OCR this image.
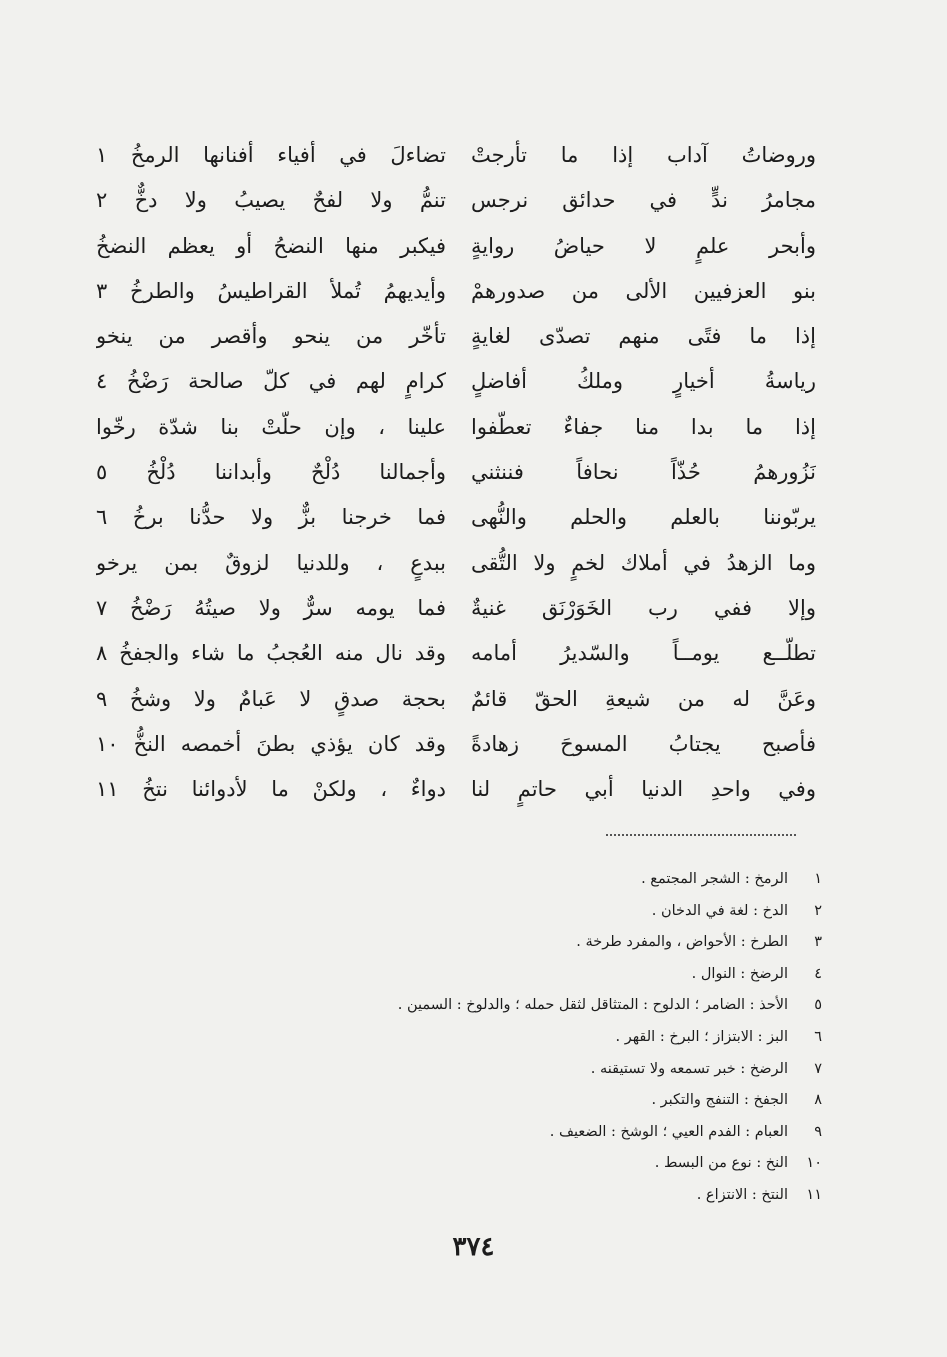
تضاءلَ في أفياء أفنانها الرمخُ ١
تنمُّ ولا لفحٌ يصيبُ ولا دخٌّ ٢
فيكبر منها النضحُ أو يعظم النضخُ
وأيديهمُ تُملأ القراطيسُ والطرخُ ٣
تأخّر من ينحو وأقصر من ينخو
كرامٍ لهم في كلّ صالحة رَضْخُ ٤
علينا ، وإن حلّتْ بنا شدّة رخّوا
وأجمالنا دُلْحٌ وأبداننا دُلْخُ ٥
فما خرجنا بزٌّ ولا حدُّنا برخُ ٦
ببدعٍ ، وللدنيا لزوقٌ بمن يرخو
فما يومه سرٌّ ولا صيتُهُ رَضْخُ ٧
وقد نال منه العُجبُ ما شاء والجفخُ ٨
بحجة صدقٍ لا عَبامٌ ولا وشخُ ٩
وقد كان يؤذي بطنَ أخمصه النخُّ ١٠
دواءٌ ، ولكنْ ما لأدوائنا نتخُ ١١
وروضاتُ آداب إذا ما تأرجتْ
مجامرُ ندٍّ في حدائق نرجس
وأبحر علمٍ لا حياضُ روايةٍ
بنو العزفيين الألى من صدورهمْ
إذا ما فتًى منهم تصدّى لغايةٍ
رياسةُ أخيارٍ وملكُ أفاضلٍ
إذا ما بدا منا جفاءٌ تعطّفوا
نَزُورهمُ حُذّاً نحافاً فننثني
يربّوننا بالعلم والحلم والنُّهى
وما الزهدُ في أملاك لخمٍ ولا التُّقى
وإلا ففي رب الخَوَرْنَق غنيةٌ
تطلّــع يومــاً والسّديرُ أمامه
وعَنَّ له من شيعةِ الحقّ قائمٌ
فأصبح يجتابُ المسوحَ زهادةً
وفي واحدِ الدنيا أبي حاتمٍ لنا
١
الرمخ : الشجر المجتمع .
٢
الدخ : لغة في الدخان .
٣
الطرخ : الأحواض ، والمفرد طرخة .
٤
الرضخ : النوال .
٥
الأحذ : الضامر ؛ الدلوح : المتثاقل لثقل حمله ؛ والدلوخ : السمين .
٦
البز : الابتزاز ؛ البرخ : القهر .
٧
الرضخ : خبر تسمعه ولا تستيقنه .
٨
الجفخ : التنفج والتكبر .
٩
العبام : الفدم العيي ؛ الوشخ : الضعيف .
١٠
النخ : نوع من البسط .
١١
النتخ : الانتزاع .
٣٧٤
